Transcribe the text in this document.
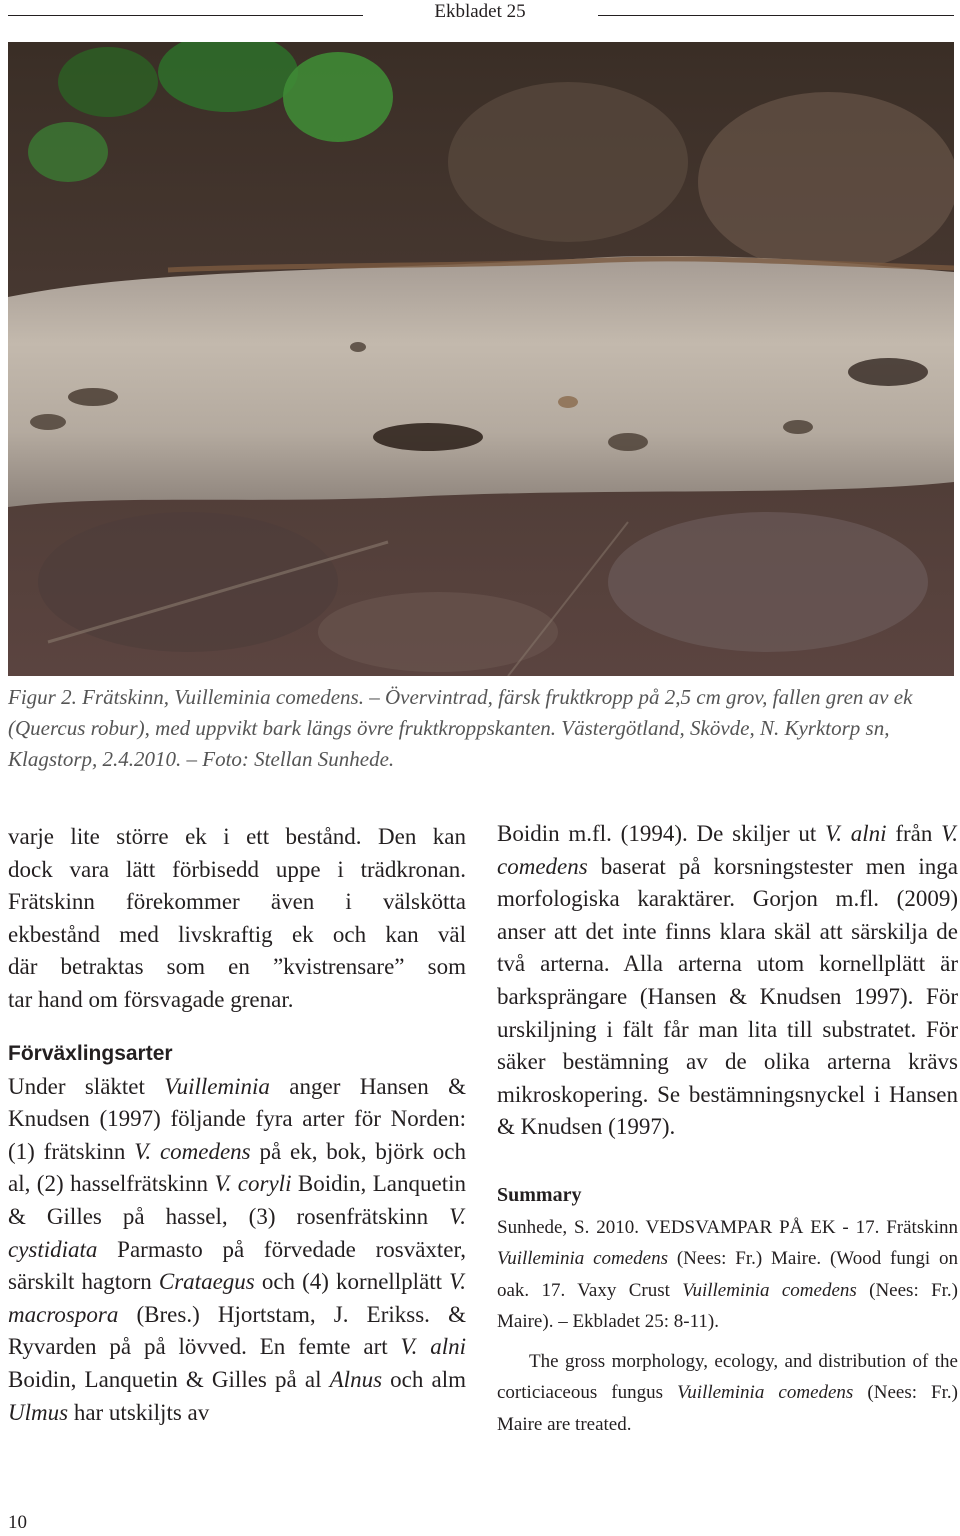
Ekbladet 25
Figur 2. Frätskinn, Vuilleminia comedens. – Övervintrad, färsk fruktkropp på 2,5 cm grov, fallen gren av ek (Quercus robur), med uppvikt bark längs övre fruktkroppskanten. Västergötland, Skövde, N. Kyrktorp sn, Klagstorp, 2.4.2010. – Foto: Stellan Sunhede.

varje lite större ek i ett bestånd. Den kan
dock vara lätt förbisedd uppe i trädkronan.
Frätskinn förekommer även i välskötta
ekbestånd med livskraftig ek och kan väl
där betraktas som en ”kvistrensare” som
tar hand om försvagade grenar.

Förväxlingsarter

Under släktet Vuilleminia anger Hansen & Knudsen (1997) följande fyra arter för Norden: (1) frätskinn V. comedens på ek, bok, björk och al, (2) hasselfrätskinn V. coryli Boidin, Lanquetin & Gilles på hassel, (3) rosenfrätskinn V. cystidiata Parmasto på förvedade rosväxter, särskilt hagtorn Crataegus och (4) kornellplätt V. macrospora (Bres.) Hjortstam, J. Erikss. & Ryvarden på på lövved. En femte art V. alni Boidin, Lanquetin & Gilles på al Alnus och alm Ulmus har utskiljts av

Boidin m.fl. (1994). De skiljer ut V. alni från V. comedens baserat på korsningstester men inga morfologiska karaktärer. Gorjon m.fl. (2009) anser att det inte finns klara skäl att särskilja de två arterna. Alla arterna utom kornellplätt är barksprängare (Hansen & Knudsen 1997). För urskiljning i fält får man lita till substratet. För säker bestämning av de olika arterna krävs mikroskopering. Se bestämningsnyckel i Hansen & Knudsen (1997).

Summary

Sunhede, S. 2010. VEDSVAMPAR PÅ EK - 17. Frätskinn Vuilleminia comedens (Nees: Fr.) Maire. (Wood fungi on oak. 17. Vaxy Crust Vuilleminia comedens (Nees: Fr.) Maire). – Ekbladet 25: 8-11).

The gross morphology, ecology, and distribution of the corticiaceous fungus Vuilleminia comedens (Nees: Fr.) Maire are treated.

10
